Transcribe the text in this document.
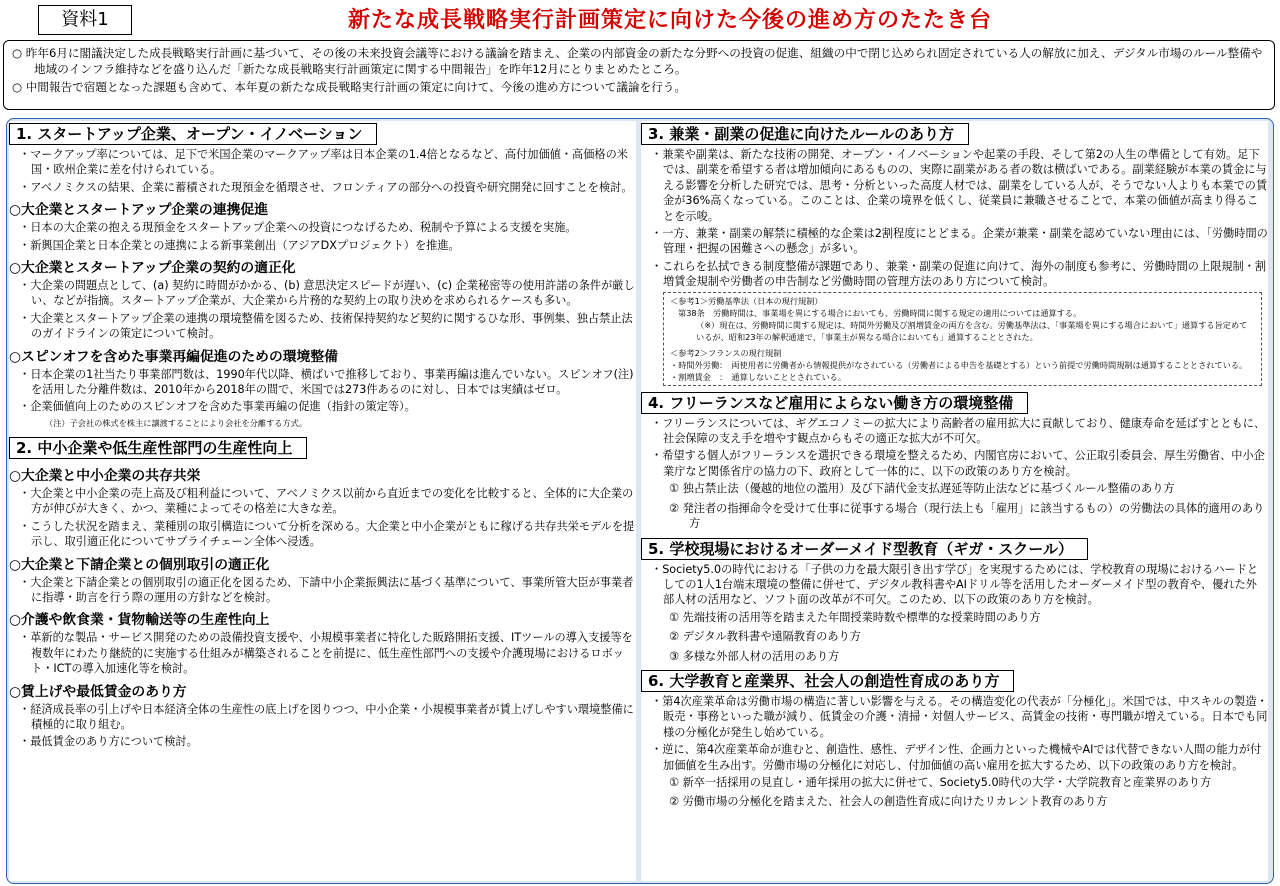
資料1	新たな成長戦略実行計画策定に向けた今後の進め方のたたき台

○ 昨年6月に閣議決定した成長戦略実行計画に基づいて、その後の未来投資会議等における議論を踏まえ、企業の内部資金の新たな分野への投資の促進、組織の中で閉じ込められ固定されている人の解放に加え、デジタル市場のルール整備や地域のインフラ維持などを盛り込んだ「新たな成長戦略実行計画策定に関する中間報告」を昨年12月にとりまとめたところ。

○ 中間報告で宿題となった課題も含めて、本年夏の新たな成長戦略実行計画の策定に向けて、今後の進め方について議論を行う。

1. スタートアップ企業、オープン・イノベーション

・マークアップ率については、足下で米国企業のマークアップ率は日本企業の1.4倍となるなど、高付加価値・高価格の米国・欧州企業に差を付けられている。

・アベノミクスの結果、企業に蓄積された現預金を循環させ、フロンティアの部分への投資や研究開発に回すことを検討。

○大企業とスタートアップ企業の連携促進

・日本の大企業の抱える現預金をスタートアップ企業への投資につなげるため、税制や予算による支援を実施。

・新興国企業と日本企業との連携による新事業創出（アジアDXプロジェクト）を推進。

○大企業とスタートアップ企業の契約の適正化

・大企業の問題点として、(a) 契約に時間がかかる、(b) 意思決定スピードが遅い、(c) 企業秘密等の使用許諾の条件が厳しい、などが指摘。スタートアップ企業が、大企業から片務的な契約上の取り決めを求められるケースも多い。

・大企業とスタートアップ企業の連携の環境整備を図るため、技術保持契約など契約に関するひな形、事例集、独占禁止法のガイドラインの策定について検討。

○スピンオフを含めた事業再編促進のための環境整備

・日本企業の1社当たり事業部門数は、1990年代以降、横ばいで推移しており、事業再編は進んでいない。スピンオフ(注)を活用した分離件数は、2010年から2018年の間で、米国では273件あるのに対し、日本では実績はゼロ。

・企業価値向上のためのスピンオフを含めた事業再編の促進（指針の策定等）。

（注）子会社の株式を株主に譲渡することにより会社を分離する方式。

2. 中小企業や低生産性部門の生産性向上
○大企業と中小企業の共存共栄

・大企業と中小企業の売上高及び粗利益について、アベノミクス以前から直近までの変化を比較すると、全体的に大企業の方が伸びが大きく、かつ、業種によってその格差に大きな差。

・こうした状況を踏まえ、業種別の取引構造について分析を深める。大企業と中小企業がともに稼げる共存共栄モデルを提示し、取引適正化についてサプライチェーン全体へ浸透。

○大企業と下請企業との個別取引の適正化

・大企業と下請企業との個別取引の適正化を図るため、下請中小企業振興法に基づく基準について、事業所管大臣が事業者に指導・助言を行う際の運用の方針などを検討。

○介護や飲食業・貨物輸送等の生産性向上

・革新的な製品・サービス開発のための設備投資支援や、小規模事業者に特化した販路開拓支援、ITツールの導入支援等を複数年にわたり継続的に実施する仕組みが構築されることを前提に、低生産性部門への支援や介護現場におけるロボット・ICTの導入加速化等を検討。

○賃上げや最低賃金のあり方

・経済成長率の引上げや日本経済全体の生産性の底上げを図りつつ、中小企業・小規模事業者が賃上げしやすい環境整備に積極的に取り組む。

・最低賃金のあり方について検討。

3. 兼業・副業の促進に向けたルールのあり方

・兼業や副業は、新たな技術の開発、オープン・イノベーションや起業の手段、そして第2の人生の準備として有効。足下では、副業を希望する者は増加傾向にあるものの、実際に副業がある者の数は横ばいである。副業経験が本業の賃金に与える影響を分析した研究では、思考・分析といった高度人材では、副業をしている人が、そうでない人よりも本業での賃金が36%高くなっている。このことは、企業の境界を低くし、従業員に兼職させることで、本業の価値が高まり得ることを示唆。

・一方、兼業・副業の解禁に積極的な企業は2割程度にとどまる。企業が兼業・副業を認めていない理由には、「労働時間の管理・把握の困難さへの懸念」が多い。

・これらを払拭できる制度整備が課題であり、兼業・副業の促進に向けて、海外の制度も参考に、労働時間の上限規制・割増賃金規制や労働者の申告制など労働時間の管理方法のあり方について検討。

＜参考1＞労働基準法（日本の現行規制）

第38条　労働時間は、事業場を異にする場合においても、労働時間に関する規定の適用については通算する。

（※）現在は、労働時間に関する規定は、時間外労働及び割増賃金の両方を含む。労働基準法は、「事業場を異にする場合において」通算する旨定めているが、昭和23年の解釈通達で、「事業主が異なる場合においても」通算することとされた。

＜参考2＞フランスの現行規制

・時間外労働：　両使用者に労働者から情報提供がなされている（労働者による申告を基礎とする）という前提で労働時間規制は通算することとされている。

・割増賃金　：　通算しないこととされている。

4. フリーランスなど雇用によらない働き方の環境整備

・フリーランスについては、ギグエコノミーの拡大により高齢者の雇用拡大に貢献しており、健康寿命を延ばすとともに、社会保障の支え手を増やす観点からもその適正な拡大が不可欠。

・希望する個人がフリーランスを選択できる環境を整えるため、内閣官房において、公正取引委員会、厚生労働省、中小企業庁など関係省庁の協力の下、政府として一体的に、以下の政策のあり方を検討。

① 独占禁止法（優越的地位の濫用）及び下請代金支払遅延等防止法などに基づくルール整備のあり方

② 発注者の指揮命令を受けて仕事に従事する場合（現行法上も「雇用」に該当するもの）の労働法の具体的適用のあり方

5. 学校現場におけるオーダーメイド型教育（ギガ・スクール）

・Society5.0の時代における「子供の力を最大限引き出す学び」を実現するためには、学校教育の現場におけるハードとしての1人1台端末環境の整備に併せて、デジタル教科書やAIドリル等を活用したオーダーメイド型の教育や、優れた外部人材の活用など、ソフト面の改革が不可欠。このため、以下の政策のあり方を検討。

① 先端技術の活用等を踏まえた年間授業時数や標準的な授業時間のあり方

② デジタル教科書や遠隔教育のあり方

③ 多様な外部人材の活用のあり方

6. 大学教育と産業界、社会人の創造性育成のあり方

・第4次産業革命は労働市場の構造に著しい影響を与える。その構造変化の代表が「分極化」。米国では、中スキルの製造・販売・事務といった職が減り、低賃金の介護・清掃・対個人サービス、高賃金の技術・専門職が増えている。日本でも同様の分極化が発生し始めている。

・逆に、第4次産業革命が進むと、創造性、感性、デザイン性、企画力といった機械やAIでは代替できない人間の能力が付加価値を生み出す。労働市場の分極化に対応し、付加価値の高い雇用を拡大するため、以下の政策のあり方を検討。

① 新卒一括採用の見直し・通年採用の拡大に併せて、Society5.0時代の大学・大学院教育と産業界のあり方

② 労働市場の分極化を踏まえた、社会人の創造性育成に向けたリカレント教育のあり方
